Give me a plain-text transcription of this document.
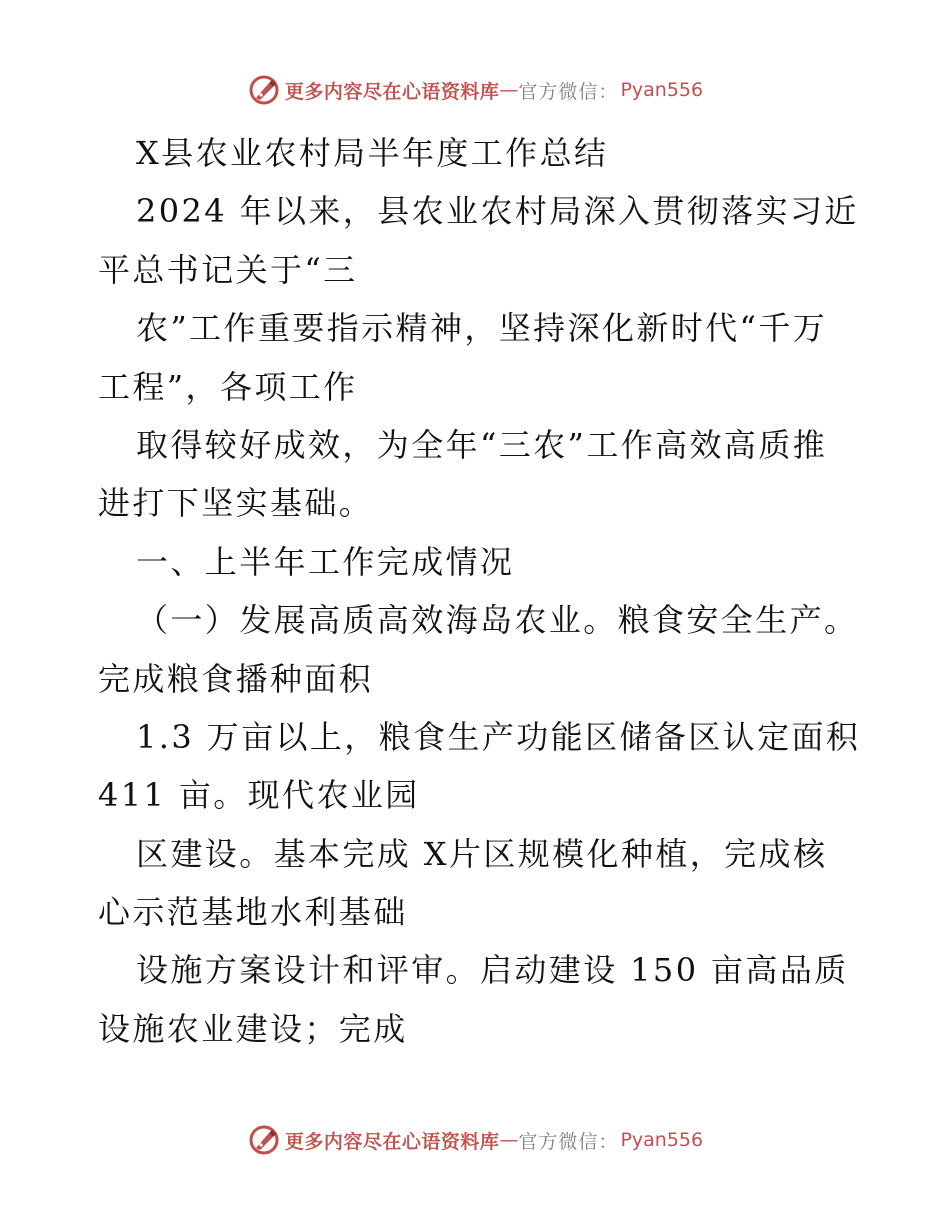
更多内容尽在心语资料库 — 官方微信： Pyan556
X县农业农村局半年度工作总结
2024 年以来，县农业农村局深入贯彻落实习近
平总书记关于“三
农”工作重要指示精神，坚持深化新时代“千万
工程”，各项工作
取得较好成效，为全年“三农”工作高效高质推
进打下坚实基础。
一、上半年工作完成情况
（一）发展高质高效海岛农业。粮食安全生产。
完成粮食播种面积
1.3 万亩以上，粮食生产功能区储备区认定面积
411 亩。现代农业园
区建设。基本完成 X片区规模化种植，完成核
心示范基地水利基础
设施方案设计和评审。启动建设 150 亩高品质
设施农业建设；完成
更多内容尽在心语资料库 — 官方微信： Pyan556
